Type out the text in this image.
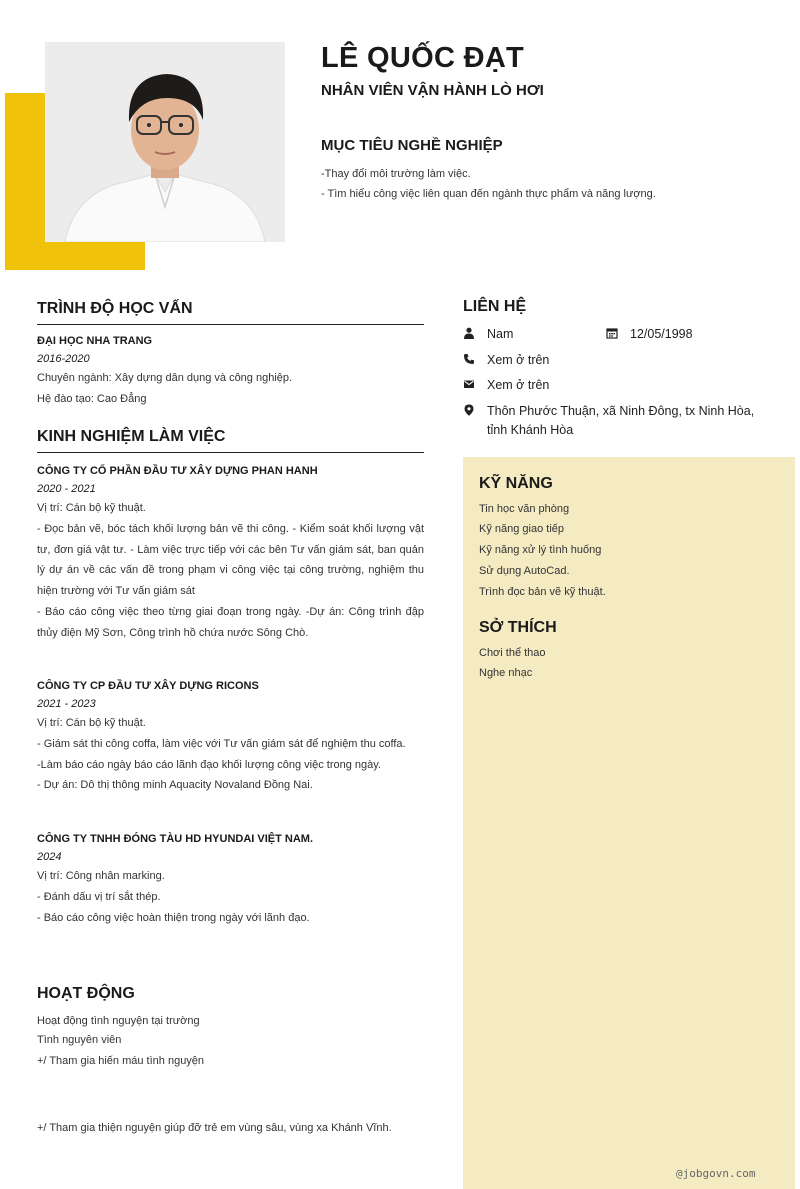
LÊ QUỐC ĐẠT
NHÂN VIÊN VẬN HÀNH LÒ HƠI
MỤC TIÊU NGHỀ NGHIỆP
-Thay đổi môi trường làm việc.
- Tìm hiểu công việc liên quan đến ngành thực phẩm và năng lượng.
TRÌNH ĐỘ HỌC VẤN
ĐẠI HỌC NHA TRANG
2016-2020
Chuyên ngành: Xây dựng dân dụng và công nghiệp.
Hệ đào tạo: Cao Đẳng
KINH NGHIỆM LÀM VIỆC
CÔNG TY CỔ PHẦN ĐẦU TƯ XÂY DỰNG PHAN HANH
2020 - 2021
Vị trí: Cán bộ kỹ thuật.
- Đọc bản vẽ, bóc tách khối lượng bản vẽ thi công. - Kiểm soát khối lượng vật tư, đơn giá vật tư. - Làm việc trực tiếp với các bên Tư vấn giám sát, ban quản lý dự án về các vấn đề trong phạm vi công việc tại công trường, nghiệm thu hiện trường với Tư vấn giám sát
- Báo cáo công việc theo từng giai đoạn trong ngày. -Dự án: Công trình đập thủy điện Mỹ Sơn, Công trình hồ chứa nước Sông Chò.
CÔNG TY CP ĐẦU TƯ XÂY DỰNG RICONS
2021 - 2023
Vị trí: Cán bộ kỹ thuật.
- Giám sát thi công coffa, làm việc với Tư vấn giám sát để nghiệm thu coffa.
-Làm báo cáo ngày báo cáo lãnh đạo khối lượng công việc trong ngày.
- Dự án: Dô thị thông minh Aquacity Novaland Đồng Nai.
CÔNG TY TNHH ĐÓNG TÀU HD HYUNDAI VIỆT NAM.
2024
Vị trí: Công nhân marking.
- Đánh dấu vị trí sắt thép.
- Báo cáo công việc hoàn thiện trong ngày với lãnh đạo.
HOẠT ĐỘNG
Hoạt động tình nguyện tại trường
Tình nguyên viên
+/ Tham gia hiến máu tình nguyện
+/ Tham gia thiện nguyện giúp đỡ trẻ em vùng sâu, vùng xa Khánh Vĩnh.
LIÊN HỆ
Nam	12/05/1998
Xem ở trên
Xem ở trên
Thôn Phước Thuận, xã Ninh Đông, tx Ninh Hòa, tỉnh Khánh Hòa
KỸ NĂNG
Tin học văn phòng
Kỹ năng giao tiếp
Kỹ năng xử lý tình huống
Sử dụng AutoCad.
Trình đọc bản vẽ kỹ thuật.
SỞ THÍCH
Chơi thể thao
Nghe nhạc
@jobgovn.com
